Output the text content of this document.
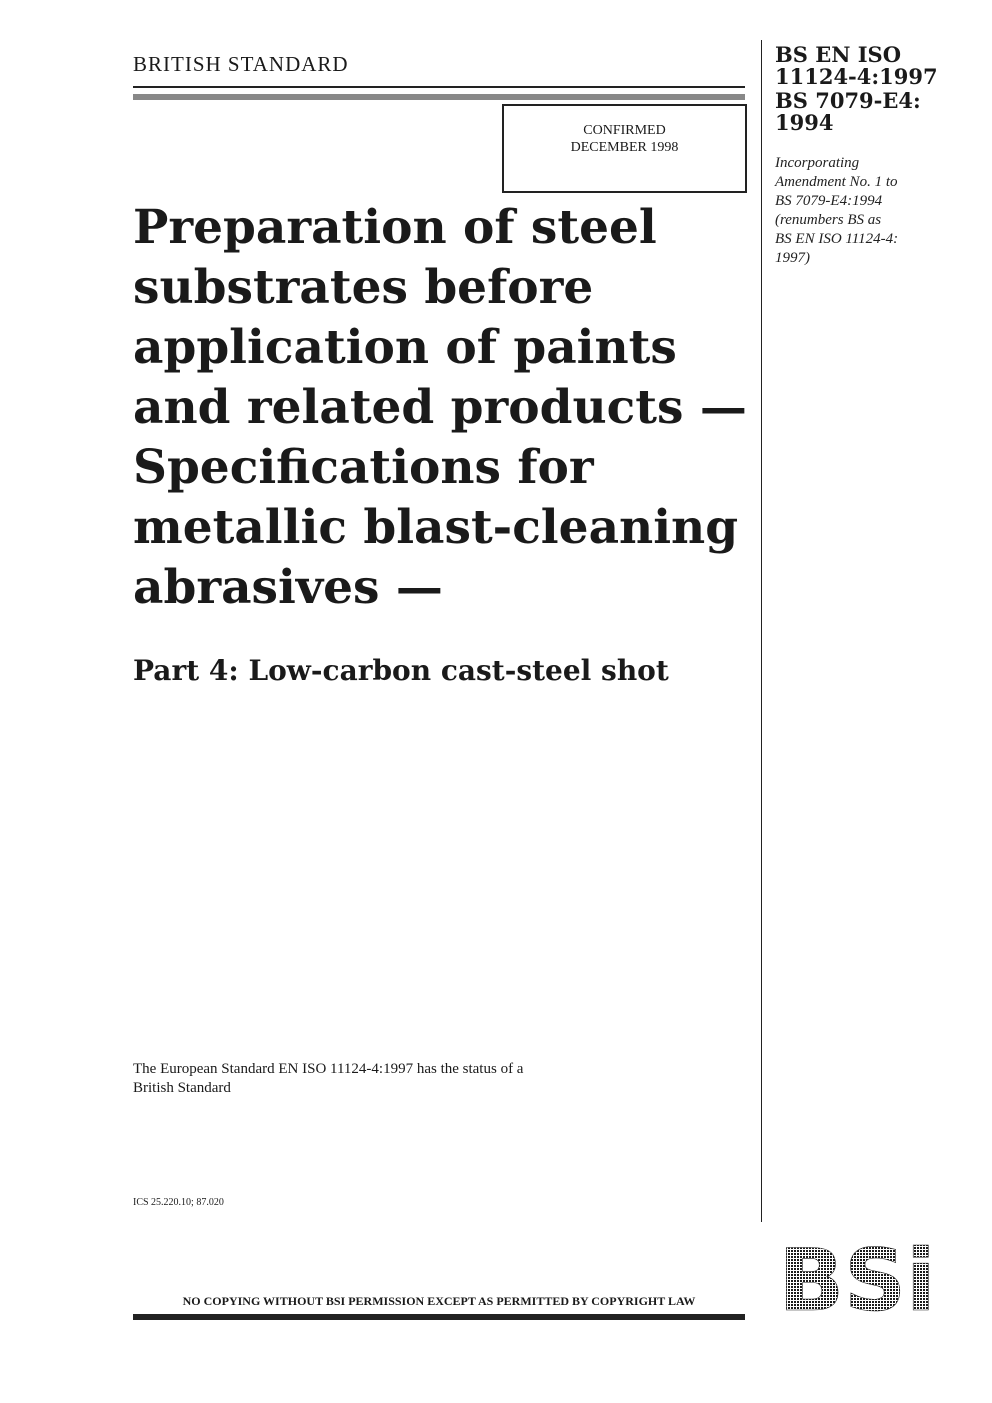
BRITISH STANDARD
CONFIRMED
DECEMBER 1998
Preparation of steel
substrates before
application of paints
and related products —
Specifications for
metallic blast-cleaning
abrasives —
Part 4: Low-carbon cast-steel shot
The European Standard EN ISO 11124-4:1997 has the status of a
British Standard
ICS 25.220.10; 87.020
NO COPYING WITHOUT BSI PERMISSION EXCEPT AS PERMITTED BY COPYRIGHT LAW
BS EN ISO
11124-4:1997
BS 7079-E4:
1994
Incorporating
Amendment No. 1 to
BS 7079-E4:1994
(renumbers BS as
BS EN ISO 11124-4:
1997)
BSi
